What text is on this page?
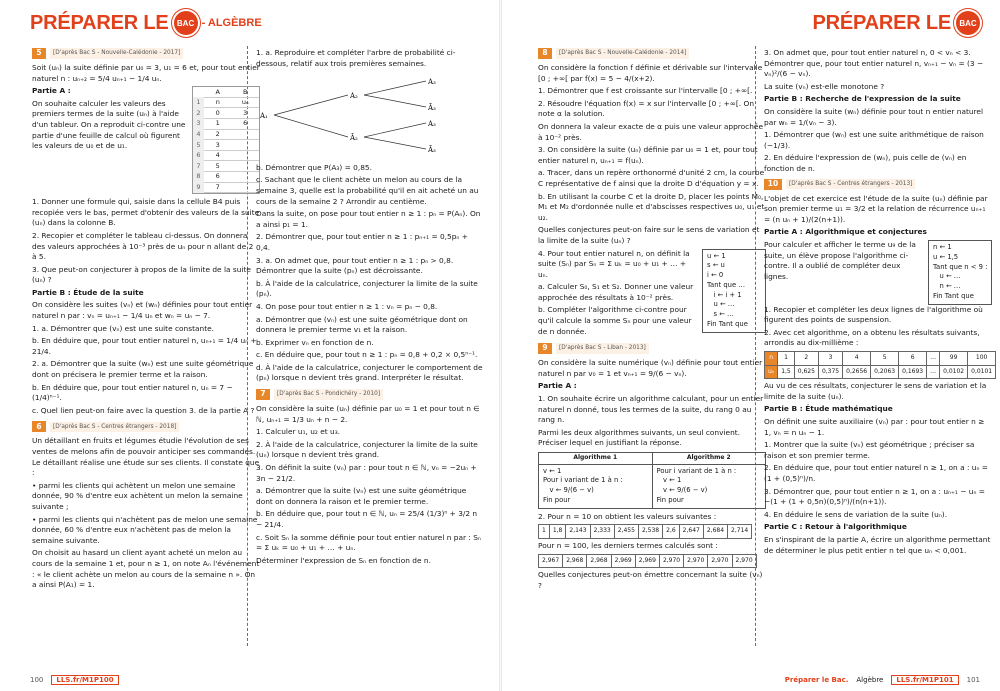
PRÉPARER LE	BAC - ALGÈBRE	PRÉPARER LE	BAC
5	[D'après Bac S - Nouvelle-Calédonie - 2017]

Soit (uₙ) la suite définie par u₀ = 3, u₁ = 6 et, pour tout entier naturel n : uₙ₊₂ = 5/4 uₙ₊₁ − 1/4 uₙ.

A	B
1	n	uₙ
2	0	3
3	1	6
4	2
5	3
6	4
7	5
8	6
9	7

Partie A :

On souhaite calculer les valeurs des premiers termes de la suite (uₙ) à l'aide d'un tableur. On a reproduit ci-contre une partie d'une feuille de calcul où figurent les valeurs de u₀ et de u₁.

1. Donner une formule qui, saisie dans la cellule B4 puis recopiée vers le bas, permet d'obtenir des valeurs de la suite (uₙ) dans la colonne B.

2. Recopier et compléter le tableau ci-dessus. On donnera des valeurs approchées à 10⁻³ près de uₙ pour n allant de 2 à 5.

3. Que peut-on conjecturer à propos de la limite de la suite (uₙ) ?

Partie B : Étude de la suite

On considère les suites (vₙ) et (wₙ) définies pour tout entier naturel n par : vₙ = uₙ₊₁ − 1/4 uₙ et wₙ = uₙ − 7.

1. a. Démontrer que (vₙ) est une suite constante.

b. En déduire que, pour tout entier naturel n, uₙ₊₁ = 1/4 uₙ + 21/4.

2. a. Démontrer que la suite (wₙ) est une suite géométrique dont on précisera le premier terme et la raison.

b. En déduire que, pour tout entier naturel n, uₙ = 7 − (1/4)ⁿ⁻¹.

c. Quel lien peut-on faire avec la question 3. de la partie A ?

6	[D'après Bac S - Centres étrangers - 2018]

Un détaillant en fruits et légumes étudie l'évolution de ses ventes de melons afin de pouvoir anticiper ses commandes. Le détaillant réalise une étude sur ses clients. Il constate que :

• parmi les clients qui achètent un melon une semaine donnée, 90 % d'entre eux achètent un melon la semaine suivante ;

• parmi les clients qui n'achètent pas de melon une semaine donnée, 60 % d'entre eux n'achètent pas de melon la semaine suivante.

On choisit au hasard un client ayant acheté un melon au cours de la semaine 1 et, pour n ≥ 1, on note Aₙ l'événement : « le client achète un melon au cours de la semaine n ». On a ainsi P(A₁) = 1.

1. a. Reproduire et compléter l'arbre de probabilité ci-dessous, relatif aux trois premières semaines.

A₁
A₂
Ā₂
A₃
Ā₃
A₃
Ā₃

b. Démontrer que P(A₃) = 0,85.

c. Sachant que le client achète un melon au cours de la semaine 3, quelle est la probabilité qu'il en ait acheté un au cours de la semaine 2 ? Arrondir au centième.

Dans la suite, on pose pour tout entier n ≥ 1 : pₙ = P(Aₙ). On a ainsi p₁ = 1.

2. Démontrer que, pour tout entier n ≥ 1 : pₙ₊₁ = 0,5pₙ + 0,4.

3. a. On admet que, pour tout entier n ≥ 1 : pₙ > 0,8. Démontrer que la suite (pₙ) est décroissante.

b. À l'aide de la calculatrice, conjecturer la limite de la suite (pₙ).

4. On pose pour tout entier n ≥ 1 : vₙ = pₙ − 0,8.

a. Démontrer que (vₙ) est une suite géométrique dont on donnera le premier terme v₁ et la raison.

b. Exprimer vₙ en fonction de n.

c. En déduire que, pour tout n ≥ 1 : pₙ = 0,8 + 0,2 × 0,5ⁿ⁻¹.

d. À l'aide de la calculatrice, conjecturer le comportement de (pₙ) lorsque n devient très grand. Interpréter le résultat.

7	[D'après Bac S - Pondichéry - 2010]

On considère la suite (uₙ) définie par u₀ = 1 et pour tout n ∈ ℕ, uₙ₊₁ = 1/3 uₙ + n − 2.

1. Calculer u₁, u₂ et u₃.

2. À l'aide de la calculatrice, conjecturer la limite de la suite (uₙ) lorsque n devient très grand.

3. On définit la suite (vₙ) par : pour tout n ∈ ℕ, vₙ = −2uₙ + 3n − 21/2.

a. Démontrer que la suite (vₙ) est une suite géométrique dont on donnera la raison et le premier terme.

b. En déduire que, pour tout n ∈ ℕ, uₙ = 25/4 (1/3)ⁿ + 3/2 n − 21/4.

c. Soit Sₙ la somme définie pour tout entier naturel n par : Sₙ = Σ uₖ = u₀ + u₁ + … + uₙ.

Déterminer l'expression de Sₙ en fonction de n.

8	[D'après Bac S - Nouvelle-Calédonie - 2014]

On considère la fonction f définie et dérivable sur l'intervalle [0 ; +∞[ par f(x) = 5 − 4/(x+2).

1. Démontrer que f est croissante sur l'intervalle [0 ; +∞[.

2. Résoudre l'équation f(x) = x sur l'intervalle [0 ; +∞[. On note α la solution.

On donnera la valeur exacte de α puis une valeur approchée à 10⁻² près.

3. On considère la suite (uₙ) définie par u₀ = 1 et, pour tout entier naturel n, uₙ₊₁ = f(uₙ).

a. Tracer, dans un repère orthonormé d'unité 2 cm, la courbe C représentative de f ainsi que la droite D d'équation y = x.

b. En utilisant la courbe C et la droite D, placer les points M₀, M₁ et M₂ d'ordonnée nulle et d'abscisses respectives u₀, u₁ et u₂.

Quelles conjectures peut-on faire sur le sens de variation et la limite de la suite (uₙ) ?

4. Pour tout entier naturel n, on définit la suite (Sₙ) par Sₙ = Σ uₖ = u₀ + u₁ + … + uₙ.

a. Calculer S₀, S₁ et S₂. Donner une valeur approchée des résultats à 10⁻² près.

b. Compléter l'algorithme ci-contre pour qu'il calcule la somme Sₙ pour une valeur de n donnée.

u ← 1
s ← u
i ← 0
Tant que …
i ← i + 1
u ← …
s ← …
Fin Tant que
9	[D'après Bac S - Liban - 2013]

On considère la suite numérique (vₙ) définie pour tout entier naturel n par v₀ = 1 et vₙ₊₁ = 9/(6 − vₙ).

Partie A :

1. On souhaite écrire un algorithme calculant, pour un entier naturel n donné, tous les termes de la suite, du rang 0 au rang n.

Parmi les deux algorithmes suivants, un seul convient. Préciser lequel en justifiant la réponse.

Algorithme 1
v ← 1
Pour i variant de 1 à n :
v ← 9/(6 − v)
Fin pour
Algorithme 2
Pour i variant de 1 à n :
v ← 1
v ← 9/(6 − v)
Fin pour

2. Pour n = 10 on obtient les valeurs suivantes :

1	1,8	2,143	2,333	2,455	2,538	2,6	2,647	2,684	2,714

Pour n = 100, les derniers termes calculés sont :

2,967	2,968	2,968	2,969	2,969	2,970	2,970	2,970	2,970

Quelles conjectures peut-on émettre concernant la suite (vₙ) ?

3. On admet que, pour tout entier naturel n, 0 < vₙ < 3. Démontrer que, pour tout entier naturel n, vₙ₊₁ − vₙ = (3 − vₙ)²/(6 − vₙ).

La suite (vₙ) est-elle monotone ?

Partie B : Recherche de l'expression de la suite

On considère la suite (wₙ) définie pour tout n entier naturel par wₙ = 1/(vₙ − 3).

1. Démontrer que (wₙ) est une suite arithmétique de raison (−1/3).

2. En déduire l'expression de (wₙ), puis celle de (vₙ) en fonction de n.

10	[D'après Bac S - Centres étrangers - 2013]

L'objet de cet exercice est l'étude de la suite (uₙ) définie par son premier terme u₁ = 3/2 et la relation de récurrence uₙ₊₁ = (n uₙ + 1)/(2(n+1)).

Partie A : Algorithmique et conjectures

Pour calculer et afficher le terme u₉ de la suite, un élève propose l'algorithme ci-contre. Il a oublié de compléter deux lignes.

n ← 1
u ← 1,5
Tant que n < 9 :
u ← …
n ← …
Fin Tant que

1. Recopier et compléter les deux lignes de l'algorithme où figurent des points de suspension.

2. Avec cet algorithme, on a obtenu les résultats suivants, arrondis au dix-millième :

n	1	2	3	4	5	6	…	99	100
uₙ	1,5	0,625	0,375	0,2656	0,2063	0,1693	…	0,0102	0,0101

Au vu de ces résultats, conjecturer le sens de variation et la limite de la suite (uₙ).

Partie B : Étude mathématique

On définit une suite auxiliaire (vₙ) par : pour tout entier n ≥ 1, vₙ = n uₙ − 1.

1. Montrer que la suite (vₙ) est géométrique ; préciser sa raison et son premier terme.

2. En déduire que, pour tout entier naturel n ≥ 1, on a : uₙ = (1 + (0,5)ⁿ)/n.

3. Démontrer que, pour tout entier n ≥ 1, on a : uₙ₊₁ − uₙ = −(1 + (1 + 0,5n)(0,5)ⁿ)/(n(n+1)).

4. En déduire le sens de variation de la suite (uₙ).

Partie C : Retour à l'algorithmique

En s'inspirant de la partie A, écrire un algorithme permettant de déterminer le plus petit entier n tel que uₙ < 0,001.

100	LLS.fr/M1P100	Préparer le Bac. Algèbre	LLS.fr/M1P101	101
